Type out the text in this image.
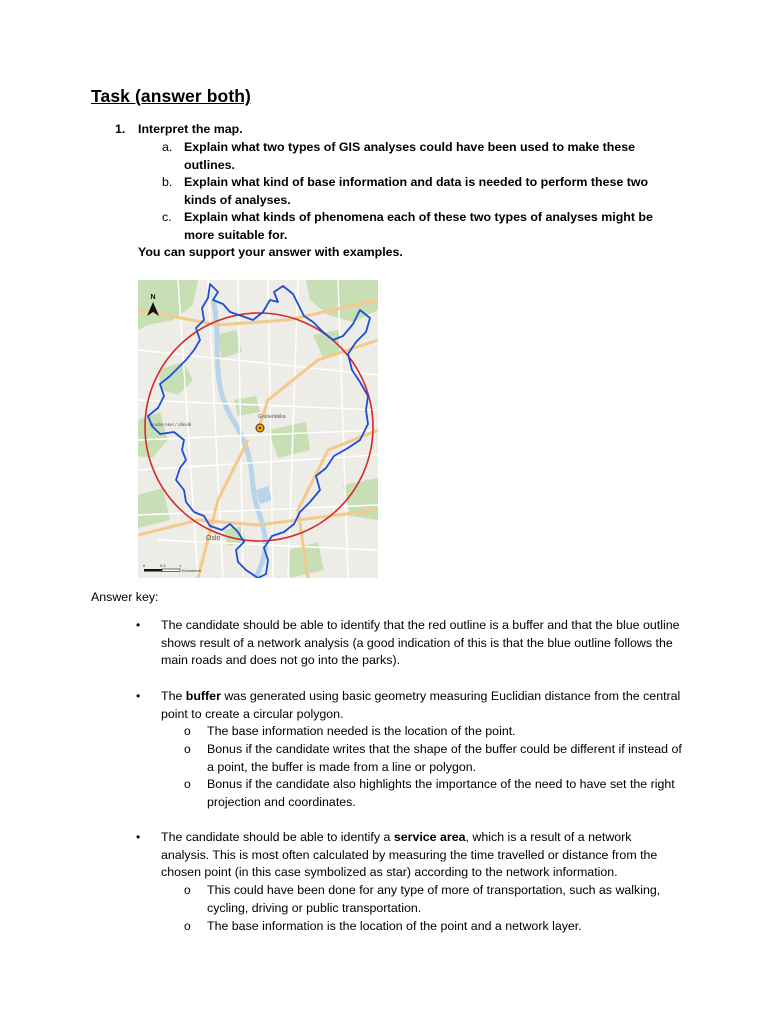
Task (answer both)
1. Interpret the map.
a. Explain what two types of GIS analyses could have been used to make these outlines.
b. Explain what kind of base information and data is needed to perform these two kinds of analyses.
c. Explain what kinds of phenomena each of these two types of analyses might be more suitable for.
You can support your answer with examples.
Grünerløkka
Nordre Aker / Ullevål
Oslo
N
0	0.5	1
Kilometers
Answer key:
• The candidate should be able to identify that the red outline is a buffer and that the blue outline shows result of a network analysis (a good indication of this is that the blue outline follows the main roads and does not go into the parks).
• The buffer was generated using basic geometry measuring Euclidian distance from the central point to create a circular polygon.
o The base information needed is the location of the point.
o Bonus if the candidate writes that the shape of the buffer could be different if instead of a point, the buffer is made from a line or polygon.
o Bonus if the candidate also highlights the importance of the need to have set the right projection and coordinates.
• The candidate should be able to identify a service area, which is a result of a network analysis. This is most often calculated by measuring the time travelled or distance from the chosen point (in this case symbolized as star) according to the network information.
o This could have been done for any type of more of transportation, such as walking, cycling, driving or public transportation.
o The base information is the location of the point and a network layer.
